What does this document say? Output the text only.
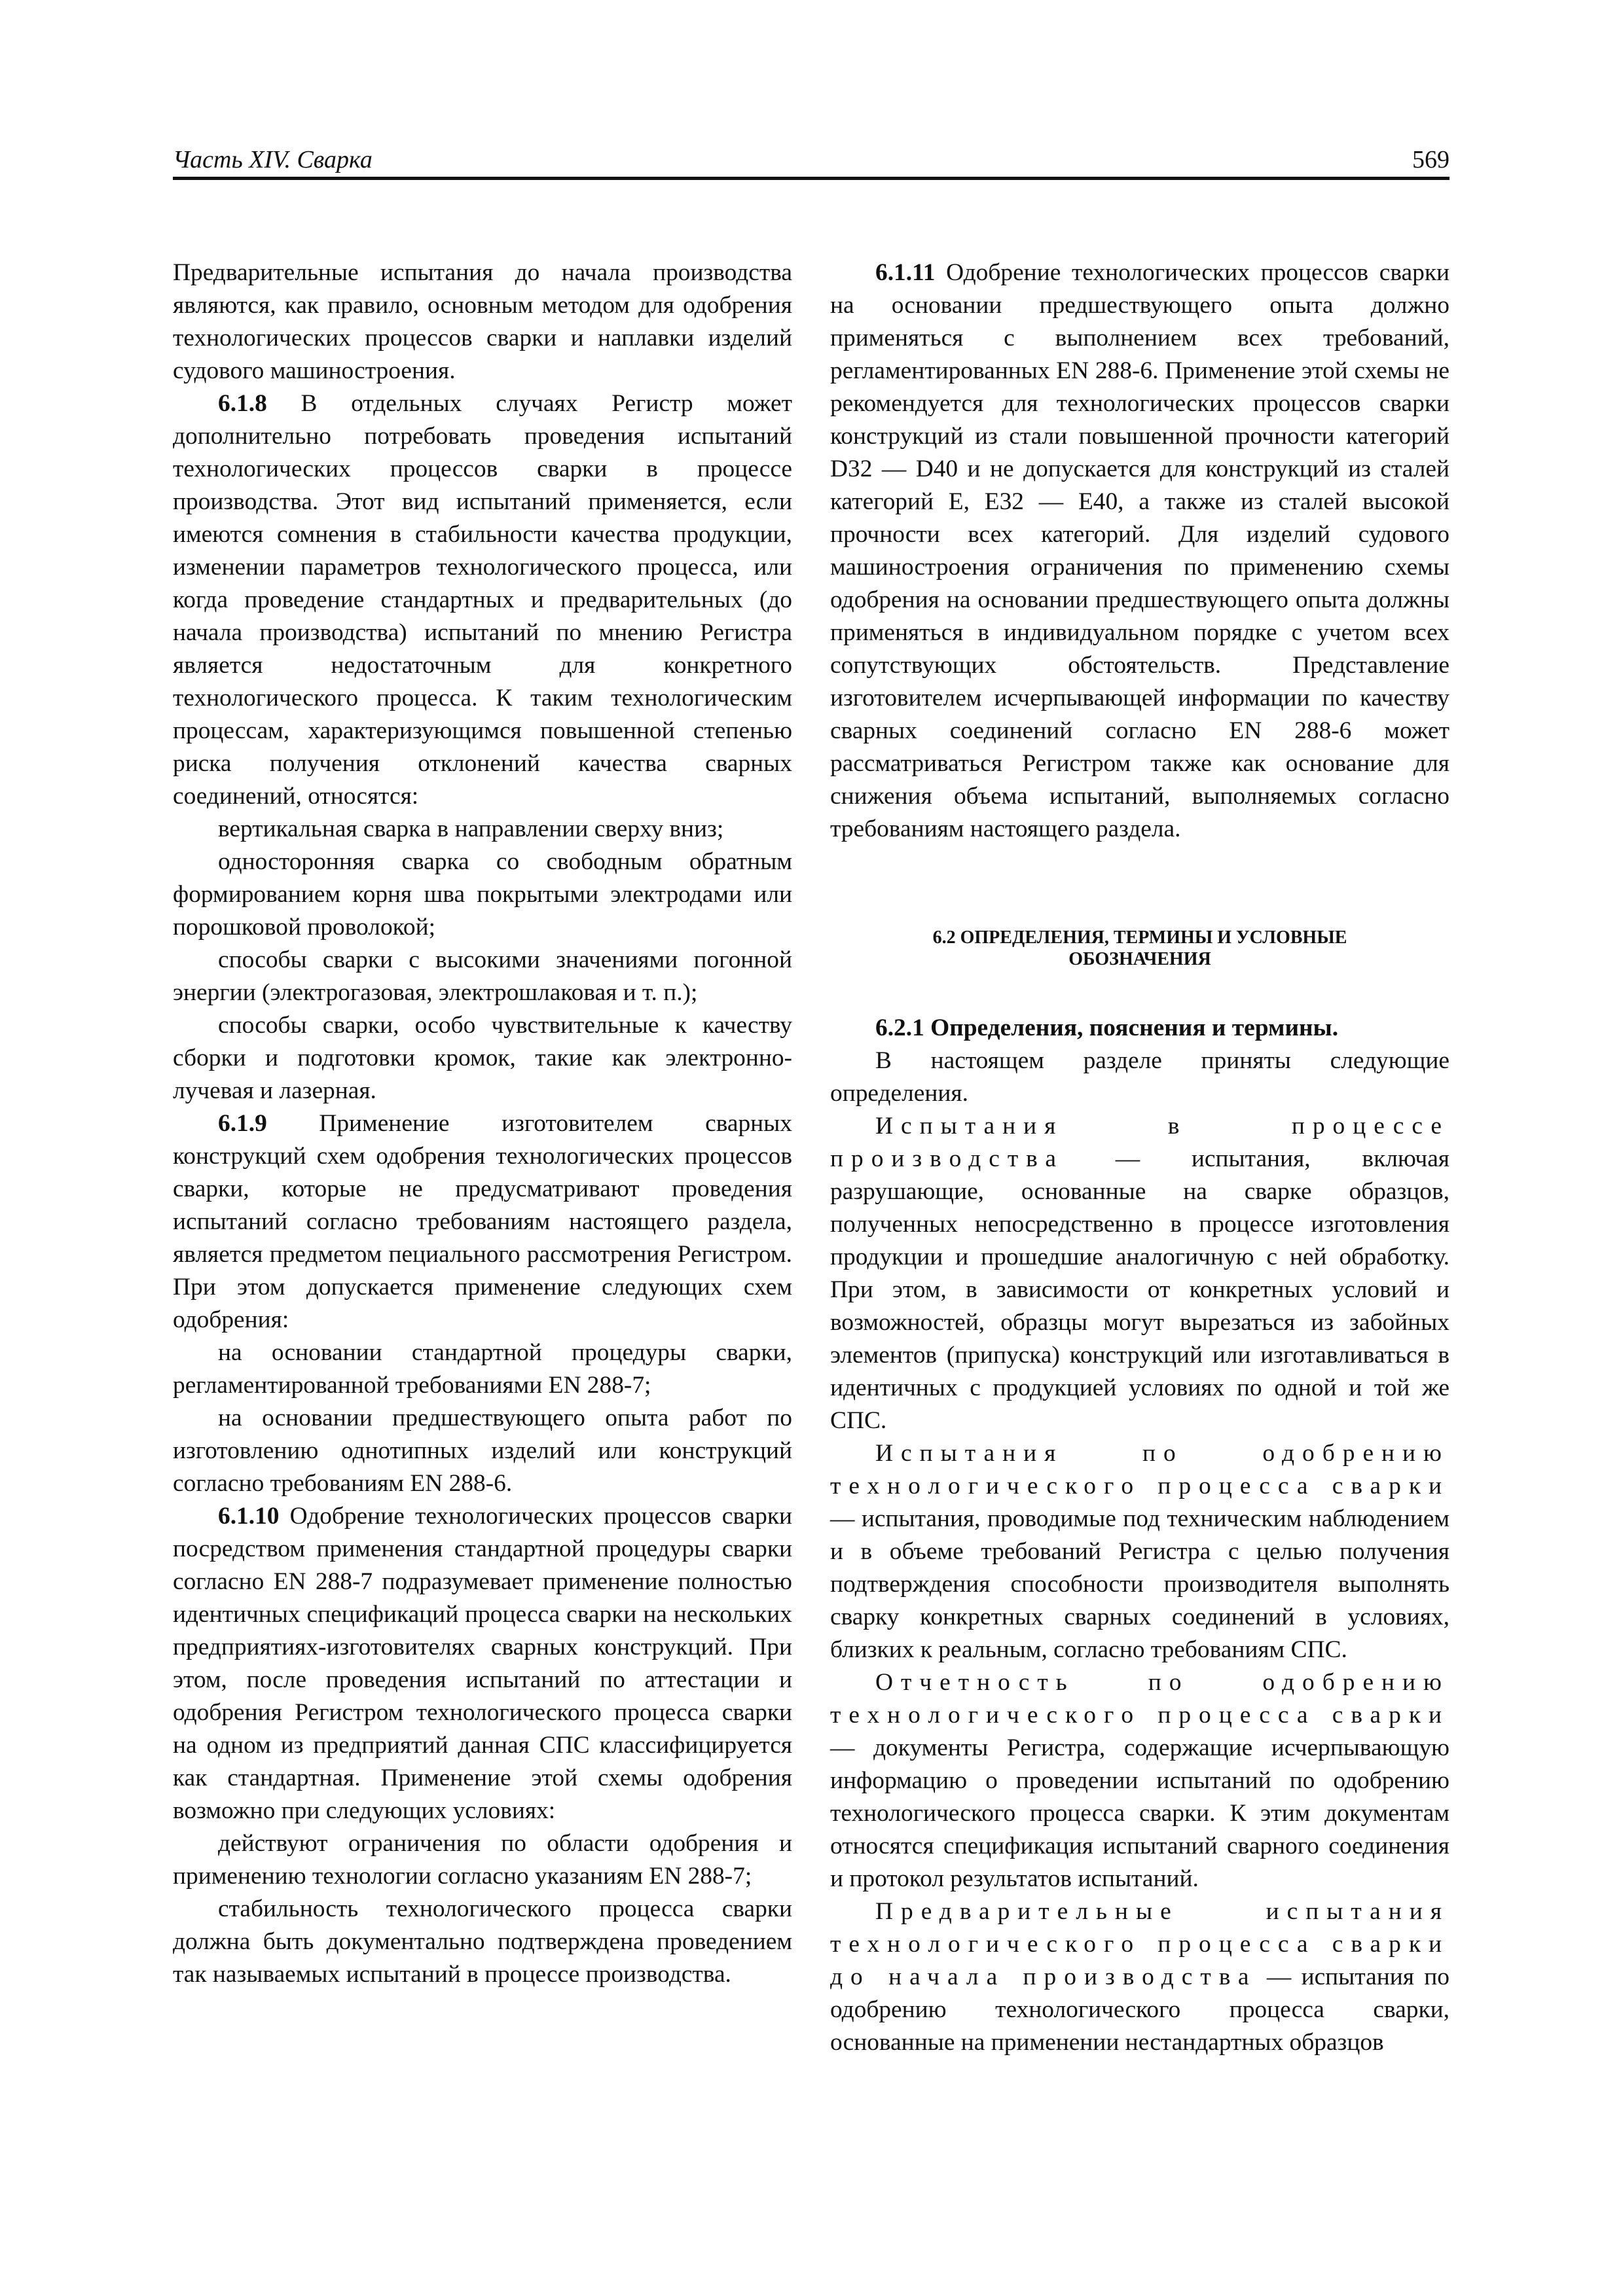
Часть XIV. Сварка	569

Предварительные испытания до начала производства являются, как правило, основным методом для одобрения технологических процессов сварки и наплавки изделий судового машиностроения.

6.1.8 В отдельных случаях Регистр может дополнительно потребовать проведения испытаний технологических процессов сварки в процессе производства. Этот вид испытаний применяется, если имеются сомнения в стабильности качества продукции, изменении параметров технологического процесса, или когда проведение стандартных и предварительных (до начала производства) испытаний по мнению Регистра является недостаточным для конкретного технологического процесса. К таким технологическим процессам, характеризующимся повышенной степенью риска получения отклонений качества сварных соединений, относятся:

вертикальная сварка в направлении сверху вниз;

односторонняя сварка со свободным обратным формированием корня шва покрытыми электродами или порошковой проволокой;

способы сварки с высокими значениями погонной энергии (электрогазовая, электрошлаковая и т. п.);

способы сварки, особо чувствительные к качеству сборки и подготовки кромок, такие как электронно-лучевая и лазерная.

6.1.9 Применение изготовителем сварных конструкций схем одобрения технологических процессов сварки, которые не предусматривают проведения испытаний согласно требованиям настоящего раздела, является предметом пециального рассмотрения Регистром. При этом допускается применение следующих схем одобрения:

на основании стандартной процедуры сварки, регламентированной требованиями EN 288-7;

на основании предшествующего опыта работ по изготовлению однотипных изделий или конструкций согласно требованиям EN 288-6.

6.1.10 Одобрение технологических процессов сварки посредством применения стандартной процедуры сварки согласно EN 288-7 подразумевает применение полностью идентичных спецификаций процесса сварки на нескольких предприятиях-изготовителях сварных конструкций. При этом, после проведения испытаний по аттестации и одобрения Регистром технологического процесса сварки на одном из предприятий данная СПС классифицируется как стандартная. Применение этой схемы одобрения возможно при следующих условиях:

действуют ограничения по области одобрения и применению технологии согласно указаниям EN 288-7;

стабильность технологического процесса сварки должна быть документально подтверждена проведением так называемых испытаний в процессе производства.

6.1.11 Одобрение технологических процессов сварки на основании предшествующего опыта должно применяться с выполнением всех требований, регламентированных EN 288-6. Применение этой схемы не рекомендуется для технологических процессов сварки конструкций из стали повышенной прочности категорий D32 — D40 и не допускается для конструкций из сталей категорий E, E32 — E40, а также из сталей высокой прочности всех категорий. Для изделий судового машиностроения ограничения по применению схемы одобрения на основании предшествующего опыта должны применяться в индивидуальном порядке с учетом всех сопутствующих обстоятельств. Представление изготовителем исчерпывающей информации по качеству сварных соединений согласно EN 288-6 может рассматриваться Регистром также как основание для снижения объема испытаний, выполняемых согласно требованиям настоящего раздела.

6.2 ОПРЕДЕЛЕНИЯ, ТЕРМИНЫ И УСЛОВНЫЕ
ОБОЗНАЧЕНИЯ

6.2.1 Определения, пояснения и термины.

В настоящем разделе приняты следующие определения.

Испытания в процессе производства — испытания, включая разрушающие, основанные на сварке образцов, полученных непосредственно в процессе изготовления продукции и прошедшие аналогичную с ней обработку. При этом, в зависимости от конкретных условий и возможностей, образцы могут вырезаться из забойных элементов (припуска) конструкций или изготавливаться в идентичных с продукцией условиях по одной и той же СПС.

Испытания по одобрению технологического процесса сварки — испытания, проводимые под техническим наблюдением и в объеме требований Регистра с целью получения подтверждения способности производителя выполнять сварку конкретных сварных соединений в условиях, близких к реальным, согласно требованиям СПС.

Отчетность по одобрению технологического процесса сварки — документы Регистра, содержащие исчерпывающую информацию о проведении испытаний по одобрению технологического процесса сварки. К этим документам относятся спецификация испытаний сварного соединения и протокол результатов испытаний.

Предварительные испытания технологического процесса сварки до начала производства — испытания по одобрению технологического процесса сварки, основанные на применении нестандартных образцов
